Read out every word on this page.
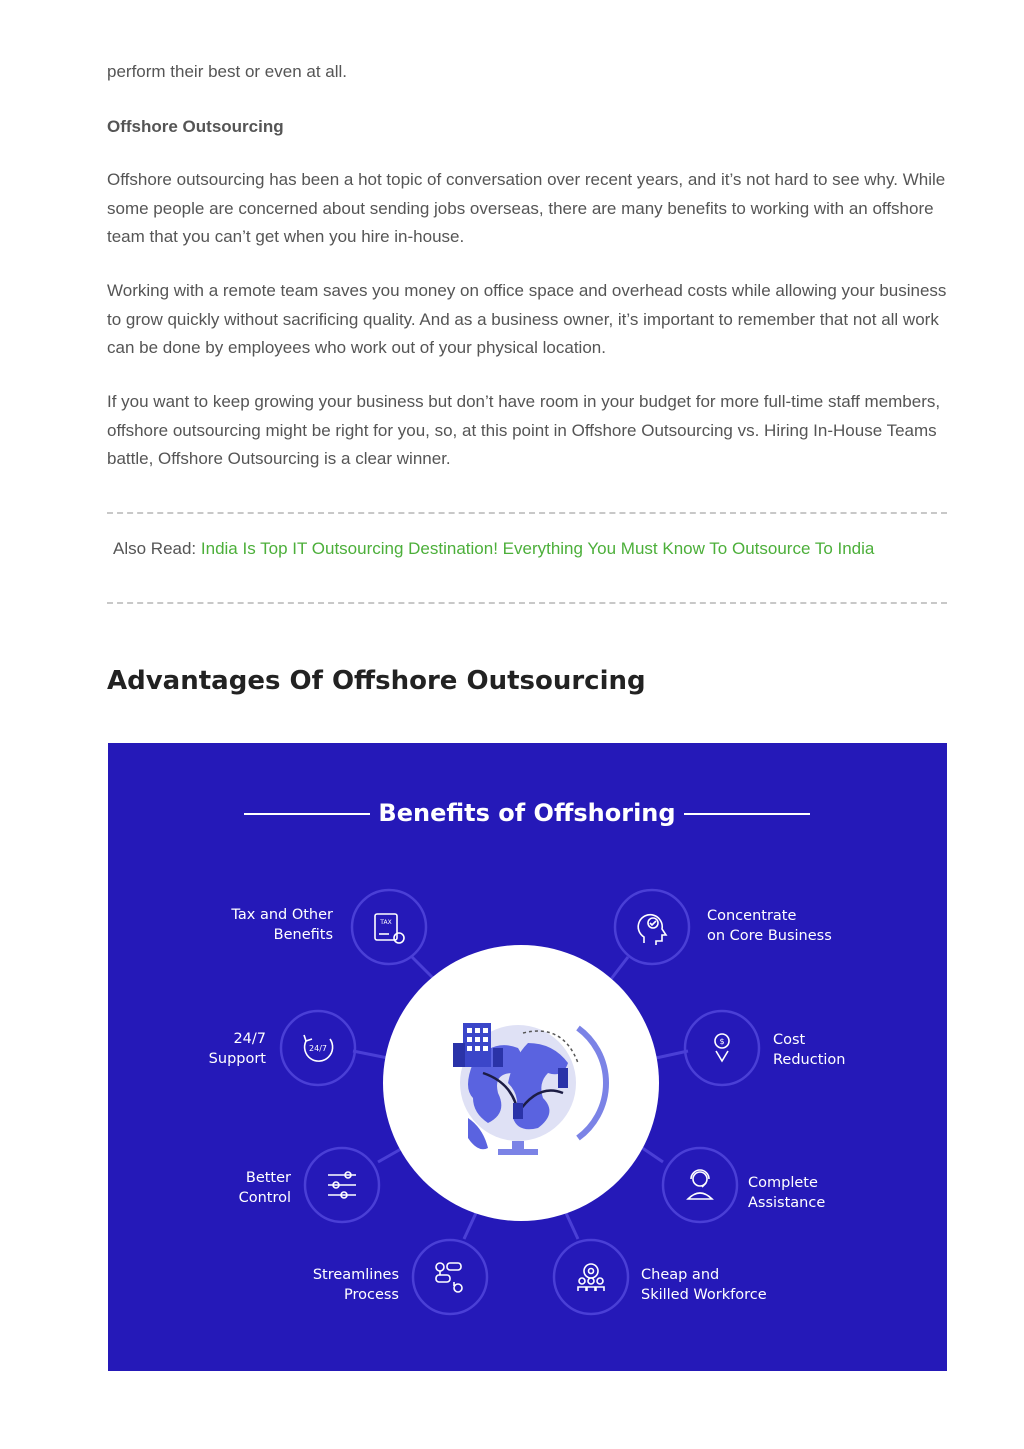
perform their best or even at all.

Offshore Outsourcing

Offshore outsourcing has been a hot topic of conversation over recent years, and it’s not hard to see why. While some people are concerned about sending jobs overseas, there are many benefits to working with an offshore team that you can’t get when you hire in-house.

Working with a remote team saves you money on office space and overhead costs while allowing your business to grow quickly without sacrificing quality. And as a business owner, it’s important to remember that not all work can be done by employees who work out of your physical location.

If you want to keep growing your business but don’t have room in your budget for more full-time staff members, offshore outsourcing might be right for you, so, at this point in Offshore Outsourcing vs. Hiring In-House Teams battle, Offshore Outsourcing is a clear winner.

Also Read: India Is Top IT Outsourcing Destination! Everything You Must Know To Outsource To India
Advantages Of Offshore Outsourcing
Benefits of Offshoring
TAX
24/7
$
Tax and Other
Benefits
24/7
Support
Better
Control
Streamlines
Process
Concentrate
on Core Business
Cost
Reduction
Complete
Assistance
Cheap and
Skilled Workforce
